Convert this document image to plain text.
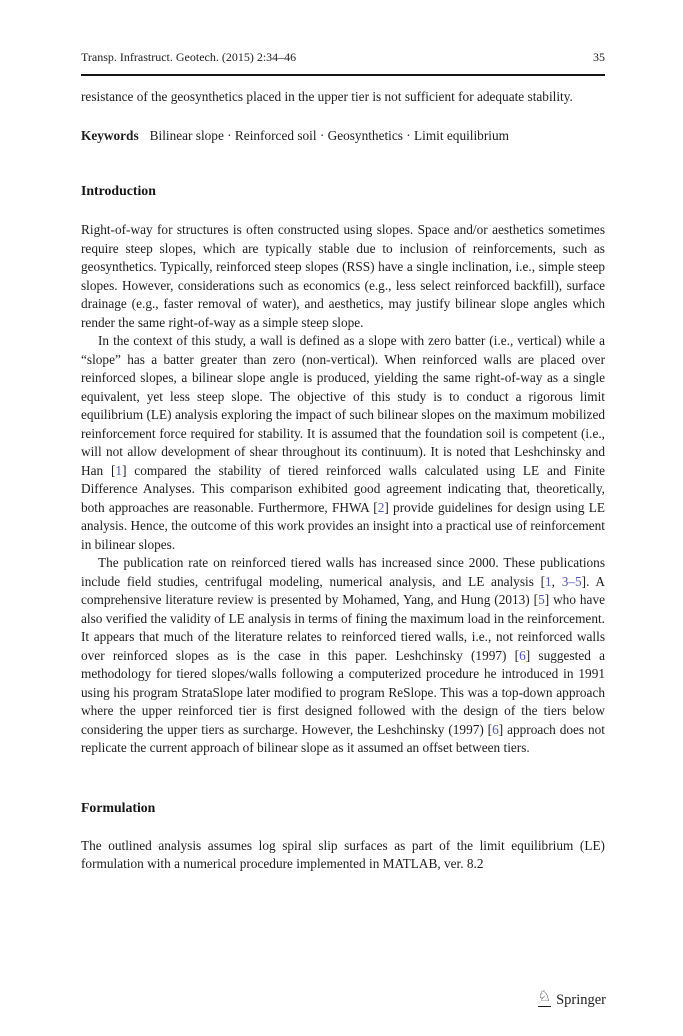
Transp. Infrastruct. Geotech. (2015) 2:34–46	35

resistance of the geosynthetics placed in the upper tier is not sufficient for adequate stability.

Keywords Bilinear slope · Reinforced soil · Geosynthetics · Limit equilibrium

Introduction

Right-of-way for structures is often constructed using slopes. Space and/or aesthetics sometimes require steep slopes, which are typically stable due to inclusion of reinforcements, such as geosynthetics. Typically, reinforced steep slopes (RSS) have a single inclination, i.e., simple steep slopes. However, considerations such as economics (e.g., less select reinforced backfill), surface drainage (e.g., faster removal of water), and aesthetics, may justify bilinear slope angles which render the same right-of-way as a simple steep slope.

In the context of this study, a wall is defined as a slope with zero batter (i.e., vertical) while a “slope” has a batter greater than zero (non-vertical). When reinforced walls are placed over reinforced slopes, a bilinear slope angle is produced, yielding the same right-of-way as a single equivalent, yet less steep slope. The objective of this study is to conduct a rigorous limit equilibrium (LE) analysis exploring the impact of such bilinear slopes on the maximum mobilized reinforcement force required for stability. It is assumed that the foundation soil is competent (i.e., will not allow development of shear throughout its continuum). It is noted that Leshchinsky and Han [1] compared the stability of tiered reinforced walls calculated using LE and Finite Difference Analyses. This comparison exhibited good agreement indicating that, theoretically, both approaches are reasonable. Furthermore, FHWA [2] provide guidelines for design using LE analysis. Hence, the outcome of this work provides an insight into a practical use of reinforcement in bilinear slopes.

The publication rate on reinforced tiered walls has increased since 2000. These publications include field studies, centrifugal modeling, numerical analysis, and LE analysis [1, 3–5]. A comprehensive literature review is presented by Mohamed, Yang, and Hung (2013) [5] who have also verified the validity of LE analysis in terms of fining the maximum load in the reinforcement. It appears that much of the literature relates to reinforced tiered walls, i.e., not reinforced walls over reinforced slopes as is the case in this paper. Leshchinsky (1997) [6] suggested a methodology for tiered slopes/walls following a computerized procedure he introduced in 1991 using his program StrataSlope later modified to program ReSlope. This was a top-down approach where the upper reinforced tier is first designed followed with the design of the tiers below considering the upper tiers as surcharge. However, the Leshchinsky (1997) [6] approach does not replicate the current approach of bilinear slope as it assumed an offset between tiers.

Formulation

The outlined analysis assumes log spiral slip surfaces as part of the limit equilibrium (LE) formulation with a numerical procedure implemented in MATLAB, ver. 8.2

♘ Springer
